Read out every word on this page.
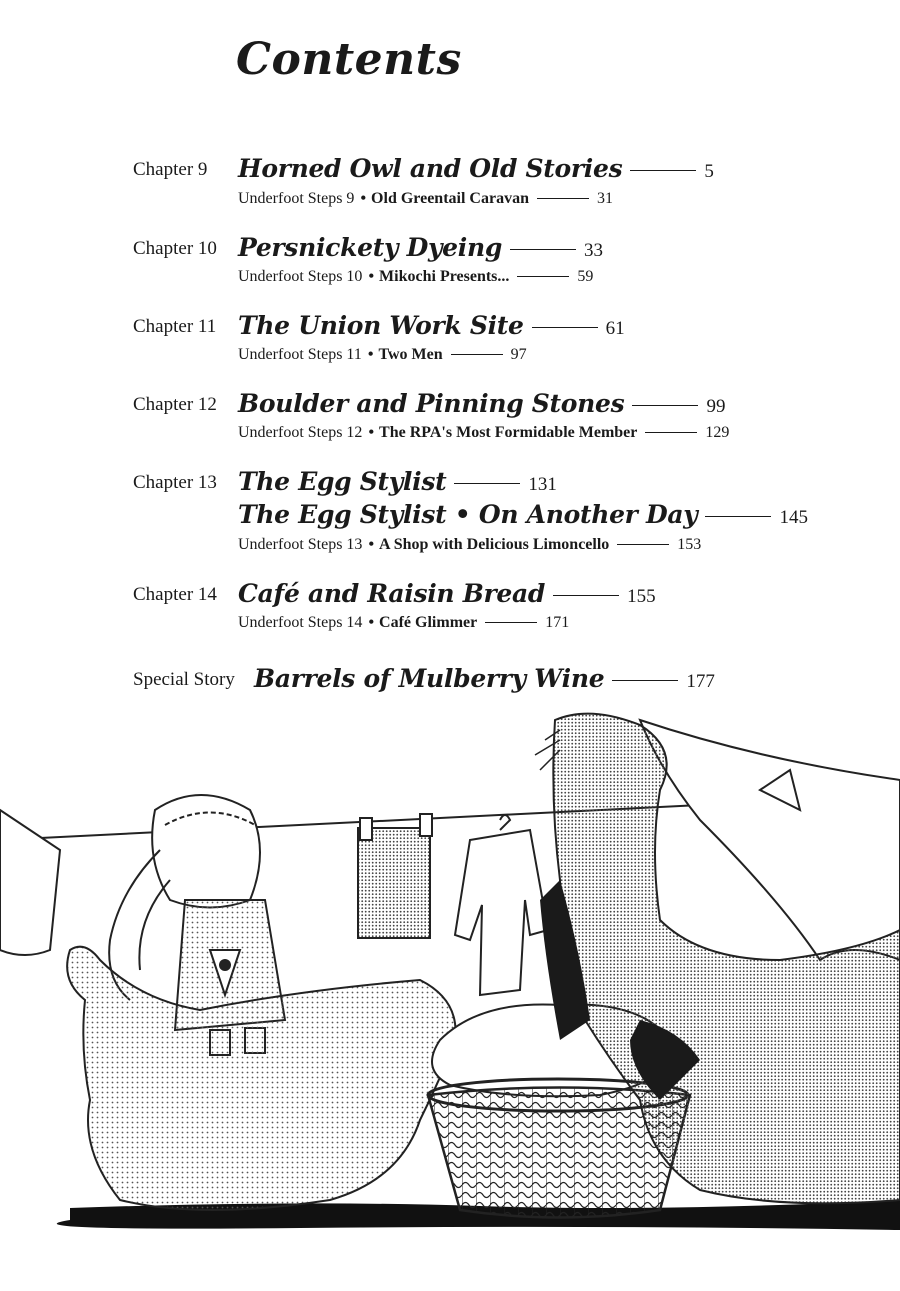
Contents
Chapter 9 Horned Owl and Old Stories	5
Underfoot Steps 9 • Old Greentail Caravan	31
Chapter 10 Persnickety Dyeing	33
Underfoot Steps 10 • Mikochi Presents...	59
Chapter 11 The Union Work Site	61
Underfoot Steps 11 • Two Men	97
Chapter 12 Boulder and Pinning Stones	99
Underfoot Steps 12 • The RPA's Most Formidable Member	129
Chapter 13 The Egg Stylist	131
The Egg Stylist • On Another Day	145
Underfoot Steps 13 • A Shop with Delicious Limoncello	153
Chapter 14 Café and Raisin Bread	155
Underfoot Steps 14 • Café Glimmer	171
Special Story Barrels of Mulberry Wine	177
